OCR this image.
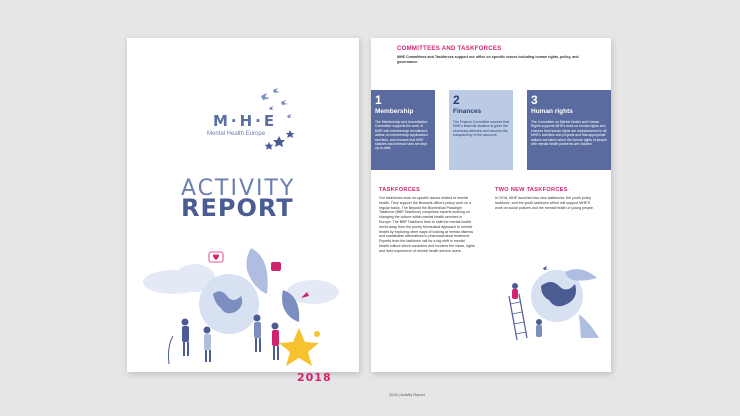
M·H·E
Mental Health Europe
ACTIVITY
REPORT
2018
COMMITTEES AND TASKFORCES
MHE Committees and Taskforces support our office on specific issues including human rights, policy, and governance.
1
Membership
The Membership and Accreditation Committee supports the work of MHE with membership recruitment, advise on membership applications and fees, and ensures that MHE statutes and internal rules are kept up-to-date.
2
Finances
The Finance Committee ensures that MHE's financial situation is given the necessary attention and secures the transparency of the accounts.
3
Human rights
The Committee on Mental Health and Human Rights supports MHE's work on human rights and ensures that human rights are mainstreamed in all MHE's activities and projects and that appropriate actions are taken when the human rights of people with mental health problems are violated.
TASKFORCES
Our taskforces work on specific issues related to mental health. They support the Brussels office's policy work on a regular basis. The Beyond the Biomedical Paradigm Taskforce (BBP Taskforce) comprises experts working on changing the culture within mental health services in Europe. The BBP Taskforce tries to shift the mental health world away from the purely biomedical approach to mental health by exploring other ways of looking at mental distress and sustainable alternatives to pharmaceutical treatment. Experts from the taskforce call for a big shift in mental health culture which considers and involves the views, rights and lived experience of mental health service users.
TWO NEW TASKFORCES
In 2018, MHE launched two new taskforces: the youth policy taskforce, and the youth taskforce which will support MHE'S work on social policies and the mental health of young people.
2018 | Activity Report
